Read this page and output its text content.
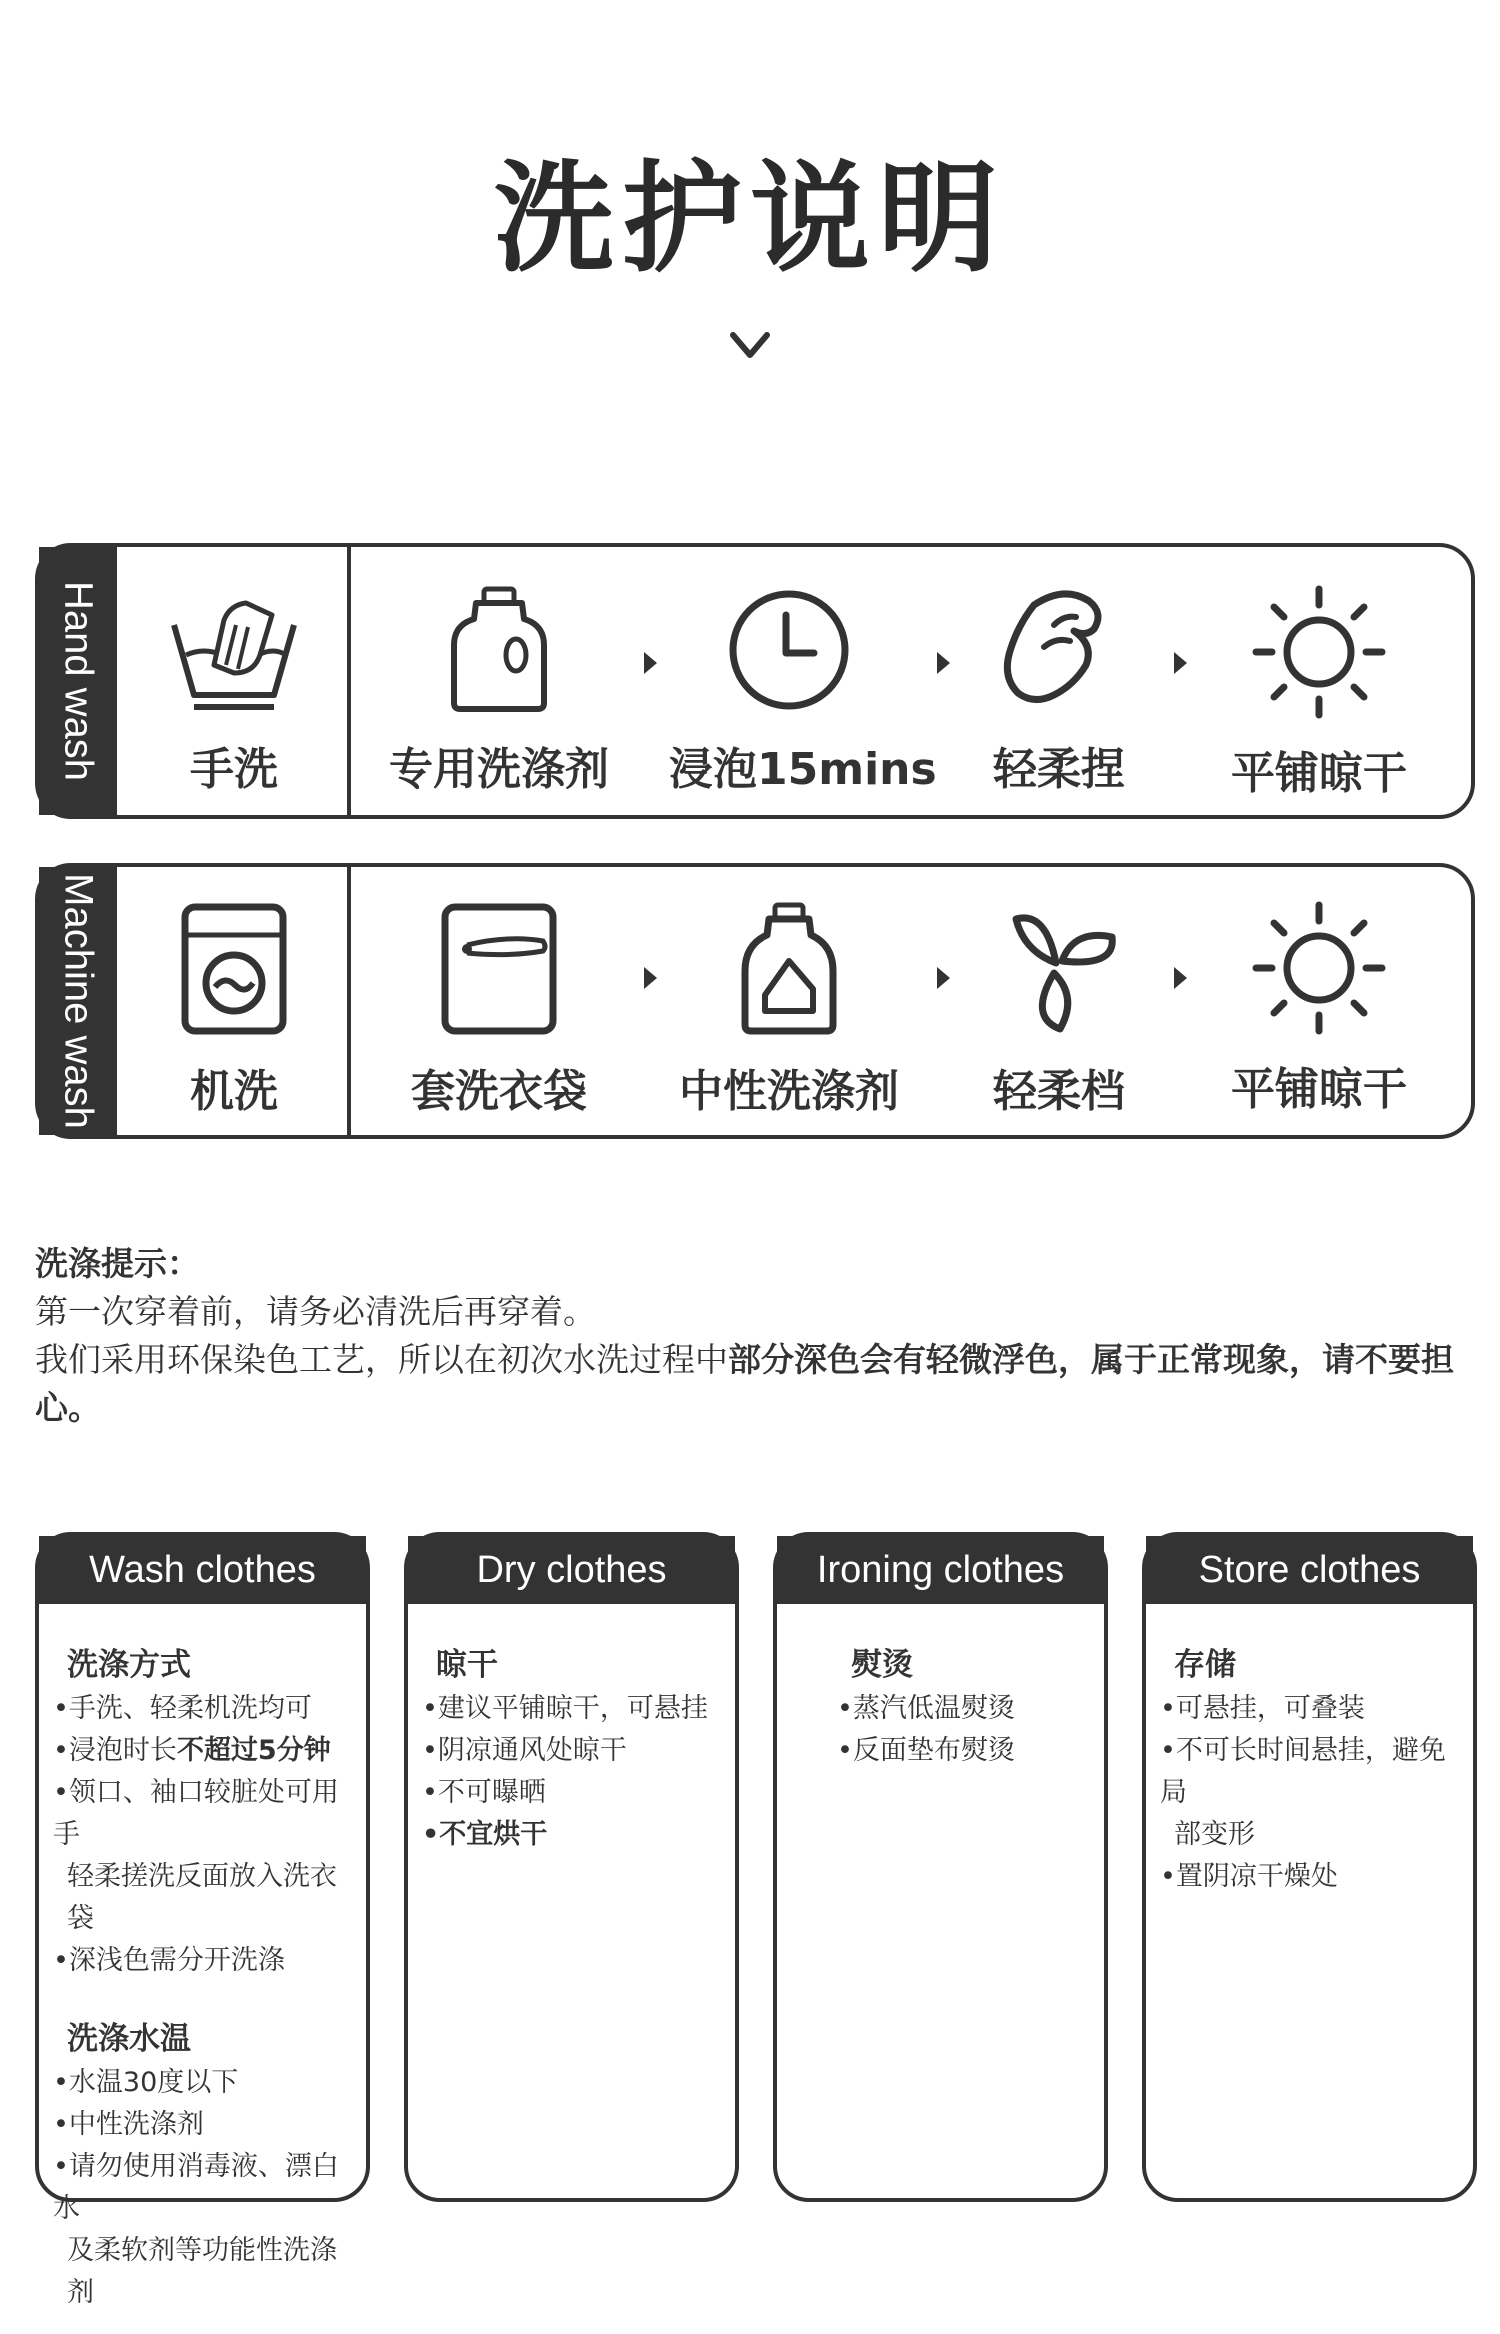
洗护说明
Hand wash	手洗	专用洗涤剂 浸泡15mins	轻柔捏	平铺晾干
Machine wash	机洗	套洗衣袋	中性洗涤剂	轻柔档	平铺晾干
洗涤提示：
第一次穿着前，请务必清洗后再穿着。
我们采用环保染色工艺，所以在初次水洗过程中部分深色会有轻微浮色，属于正常现象，请不要担心。
Wash clothes
洗涤方式
•手洗、轻柔机洗均可
•浸泡时长不超过5分钟
•领口、袖口较脏处可用手
轻柔搓洗反面放入洗衣袋
•深浅色需分开洗涤
洗涤水温
•水温30度以下
•中性洗涤剂
•请勿使用消毒液、漂白水
及柔软剂等功能性洗涤剂
Dry clothes
晾干
•建议平铺晾干，可悬挂
•阴凉通风处晾干
•不可曝晒
•不宜烘干
Ironing clothes
熨烫
•蒸汽低温熨烫
•反面垫布熨烫
Store clothes
存储
•可悬挂，可叠装
•不可长时间悬挂，避免局
部变形
•置阴凉干燥处
